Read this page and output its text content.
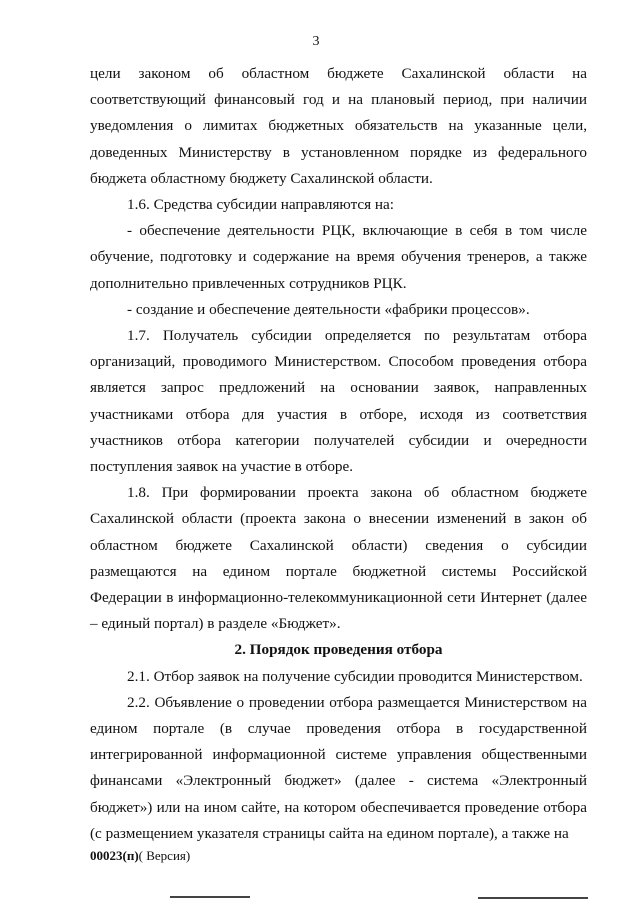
3

цели законом об областном бюджете Сахалинской области на соответствующий финансовый год и на плановый период, при наличии уведомления о лимитах бюджетных обязательств на указанные цели, доведенных Министерству в установленном порядке из федерального бюджета областному бюджету Сахалинской области.

1.6. Средства субсидии направляются на:

- обеспечение деятельности РЦК, включающие в себя в том числе обучение, подготовку и содержание на время обучения тренеров, а также дополнительно привлеченных сотрудников РЦК.

- создание и обеспечение деятельности «фабрики процессов».

1.7. Получатель субсидии определяется по результатам отбора организаций, проводимого Министерством. Способом проведения отбора является запрос предложений на основании заявок, направленных участниками отбора для участия в отборе, исходя из соответствия участников отбора категории получателей субсидии и очередности поступления заявок на участие в отборе.

1.8. При формировании проекта закона об областном бюджете Сахалинской области (проекта закона о внесении изменений в закон об областном бюджете Сахалинской области) сведения о субсидии размещаются на едином портале бюджетной системы Российской Федерации в информационно-телекоммуникационной сети Интернет (далее – единый портал) в разделе «Бюджет».

2. Порядок проведения отбора

2.1. Отбор заявок на получение субсидии проводится Министерством.

2.2. Объявление о проведении отбора размещается Министерством на едином портале (в случае проведения отбора в государственной интегрированной информационной системе управления общественными финансами «Электронный бюджет» (далее - система «Электронный бюджет») или на ином сайте, на котором обеспечивается проведение отбора (с размещением указателя страницы сайта на едином портале), а также на

00023(п)( Версия)
